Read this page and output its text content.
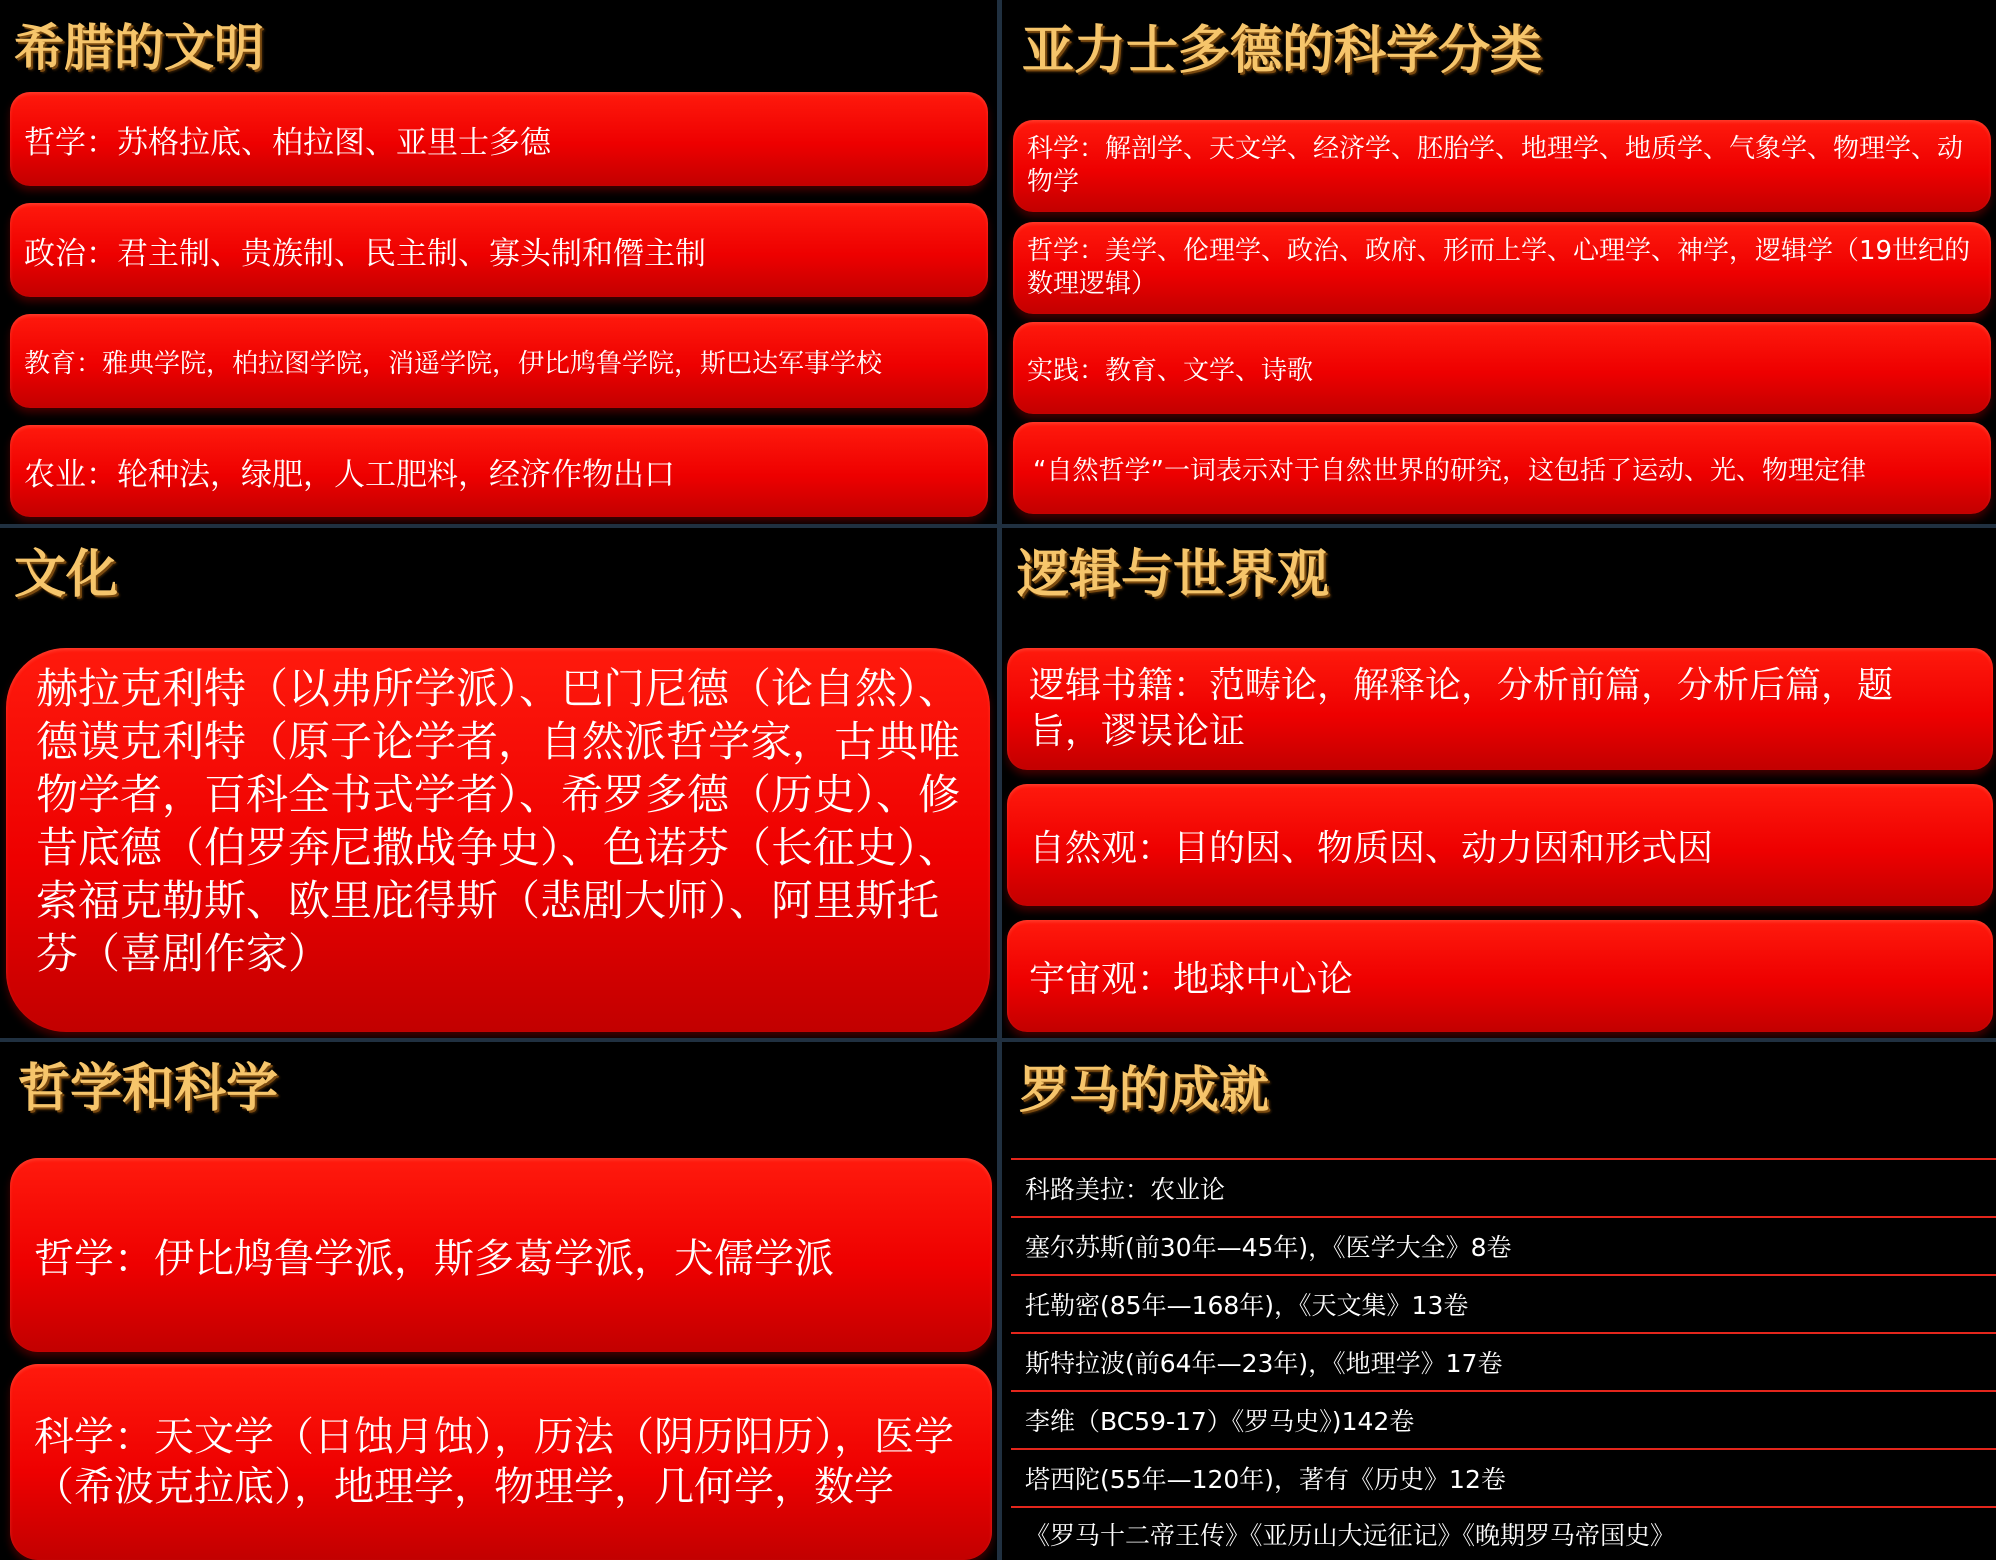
希腊的文明
哲学：苏格拉底、柏拉图、亚里士多德
政治：君主制、贵族制、民主制、寡头制和僭主制
教育：雅典学院，柏拉图学院，消遥学院，伊比鸠鲁学院，斯巴达军事学校
农业：轮种法，绿肥，人工肥料，经济作物出口
亚力士多德的科学分类
科学：解剖学、天文学、经济学、胚胎学、地理学、地质学、气象学、物理学、动物学
哲学：美学、伦理学、政治、政府、形而上学、心理学、神学，逻辑学（19世纪的数理逻辑）
实践：教育、文学、诗歌
“自然哲学”一词表示对于自然世界的研究，这包括了运动、光、物理定律
文化
赫拉克利特（以弗所学派）、巴门尼德（论自然）、德谟克利特（原子论学者，自然派哲学家，古典唯物学者，百科全书式学者）、希罗多德（历史）、修昔底德（伯罗奔尼撒战争史）、色诺芬（长征史）、索福克勒斯、欧里庇得斯（悲剧大师）、阿里斯托芬（喜剧作家）
逻辑与世界观
逻辑书籍：范畴论，解释论，分析前篇，分析后篇，题旨，谬误论证
自然观：目的因、物质因、动力因和形式因
宇宙观：地球中心论
哲学和科学
哲学：伊比鸠鲁学派，斯多葛学派，犬儒学派
科学：天文学（日蚀月蚀），历法（阴历阳历），医学（希波克拉底），地理学，物理学，几何学，数学
罗马的成就
科路美拉：农业论
塞尔苏斯(前30年—45年)，《医学大全》8卷
托勒密(85年—168年)，《天文集》13卷
斯特拉波(前64年—23年)，《地理学》17卷
李维（BC59-17）《罗马史》)142卷
塔西陀(55年—120年)，著有《历史》12卷
《罗马十二帝王传》《亚历山大远征记》《晚期罗马帝国史》
